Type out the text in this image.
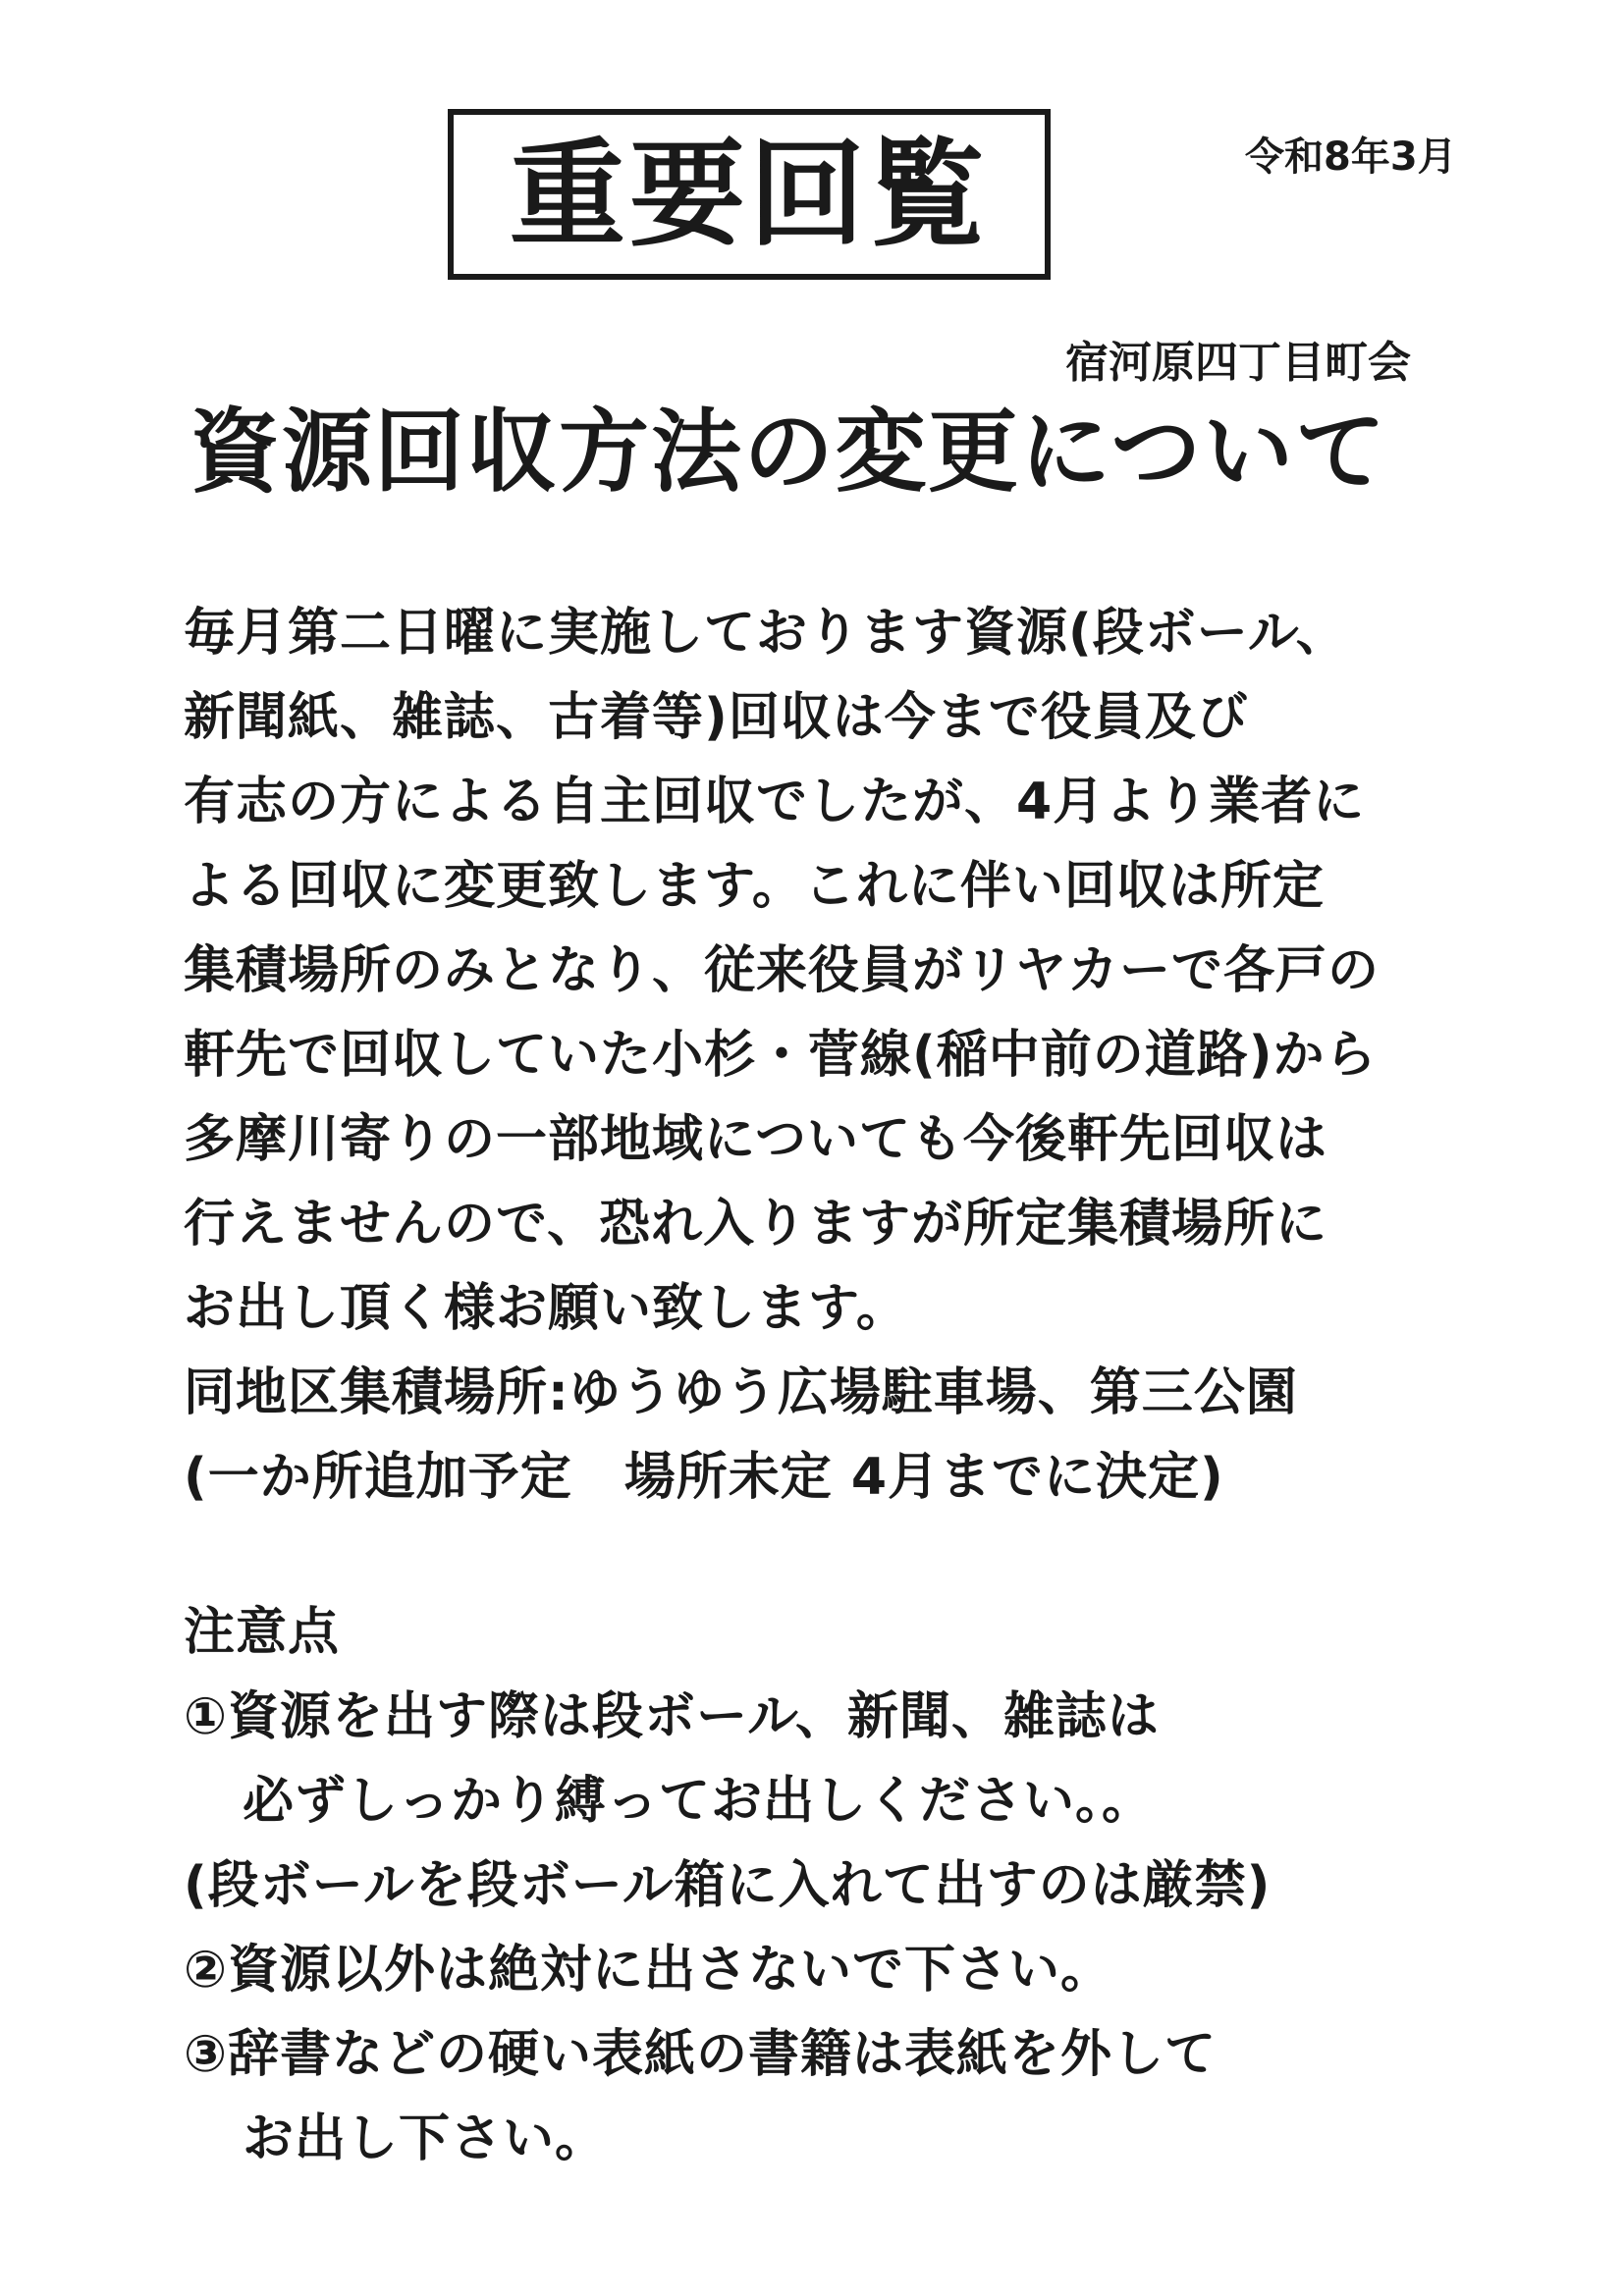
重要回覧	令和8年3月
宿河原四丁目町会
資源回収方法の変更について
毎月第二日曜に実施しております資源(段ボール、
新聞紙、雑誌、古着等)回収は今まで役員及び
有志の方による自主回収でしたが、4月より業者に
よる回収に変更致します。これに伴い回収は所定
集積場所のみとなり、従来役員がリヤカーで各戸の
軒先で回収していた小杉・菅線(稲中前の道路)から
多摩川寄りの一部地域についても今後軒先回収は
行えませんので、恐れ入りますが所定集積場所に
お出し頂く様お願い致します。
同地区集積場所:ゆうゆう広場駐車場、第三公園
(一か所追加予定　場所未定 4月までに決定)
注意点
①資源を出す際は段ボール、新聞、雑誌は
必ずしっかり縛ってお出しください。。
(段ボールを段ボール箱に入れて出すのは厳禁)
②資源以外は絶対に出さないで下さい。
③辞書などの硬い表紙の書籍は表紙を外して
お出し下さい。
